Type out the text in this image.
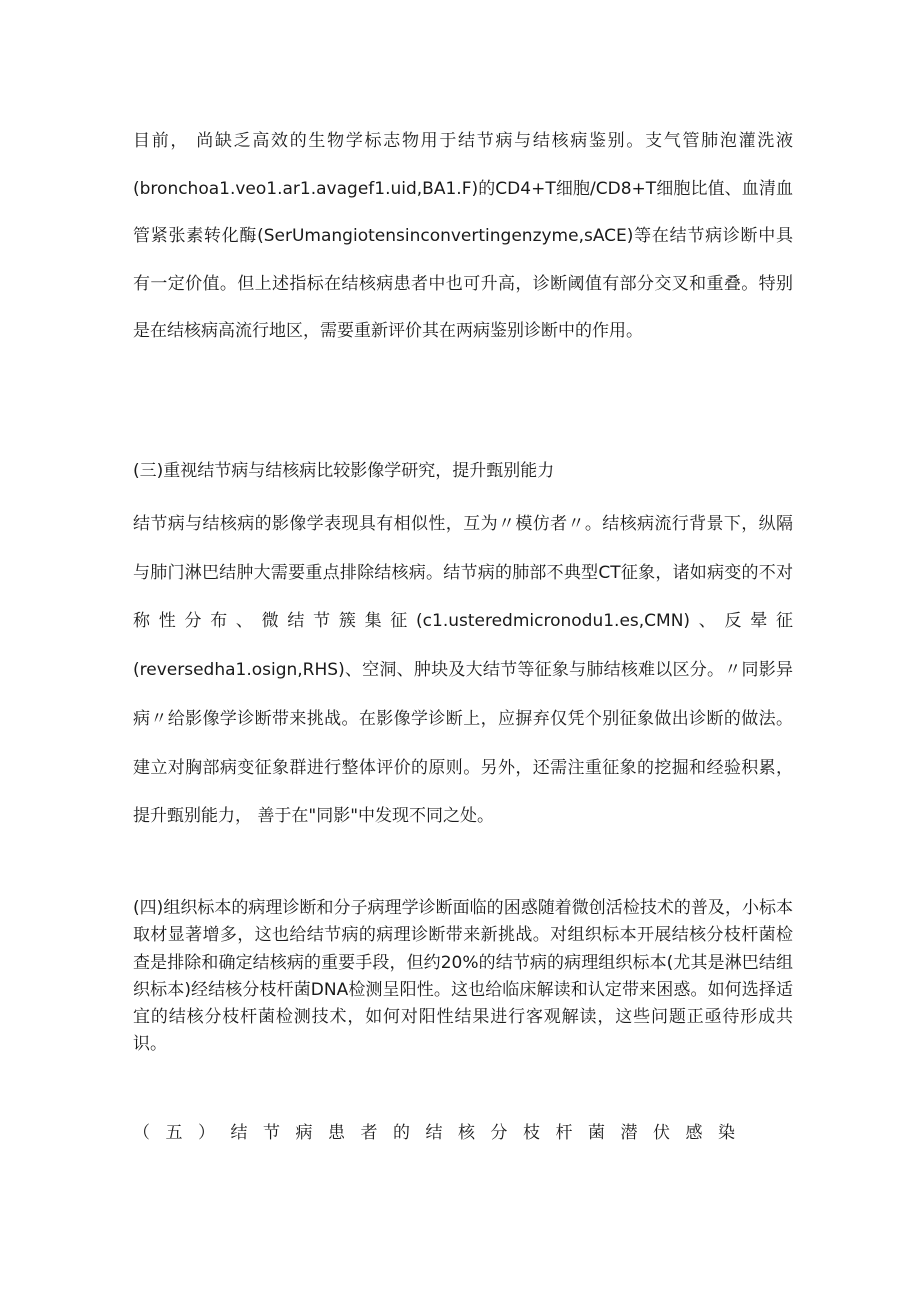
目前， 尚缺乏高效的生物学标志物用于结节病与结核病鉴别。支气管肺泡灌洗液(bronchoa1.veo1.ar1.avagef1.uid,BA1.F)的CD4+T细胞/CD8+T细胞比值、血清血管紧张素转化酶(SerUmangiotensinconvertingenzyme,sACE)等在结节病诊断中具有一定价值。但上述指标在结核病患者中也可升高，诊断阈值有部分交叉和重叠。特别是在结核病高流行地区，需要重新评价其在两病鉴别诊断中的作用。

(三)重视结节病与结核病比较影像学研究，提升甄别能力

结节病与结核病的影像学表现具有相似性，互为〃模仿者〃。结核病流行背景下，纵隔与肺门淋巴结肿大需要重点排除结核病。结节病的肺部不典型CT征象，诸如病变的不对称性分布、微结节簇集征(c1.usteredmicronodu1.es,CMN)、反晕征(reversedha1.osign,RHS)、空洞、肿块及大结节等征象与肺结核难以区分。〃同影异病〃给影像学诊断带来挑战。在影像学诊断上，应摒弃仅凭个别征象做出诊断的做法。建立对胸部病变征象群进行整体评价的原则。另外，还需注重征象的挖掘和经验积累，提升甄别能力， 善于在"同影"中发现不同之处。

(四)组织标本的病理诊断和分子病理学诊断面临的困惑随着微创活检技术的普及，小标本取材显著增多，这也给结节病的病理诊断带来新挑战。对组织标本开展结核分枝杆菌检查是排除和确定结核病的重要手段，但约20%的结节病的病理组织标本(尤其是淋巴结组织标本)经结核分枝杆菌DNA检测呈阳性。这也给临床解读和认定带来困惑。如何选择适宜的结核分枝杆菌检测技术，如何对阳性结果进行客观解读，这些问题正亟待形成共识。

（五）结节病患者的结核分枝杆菌潜伏感染
